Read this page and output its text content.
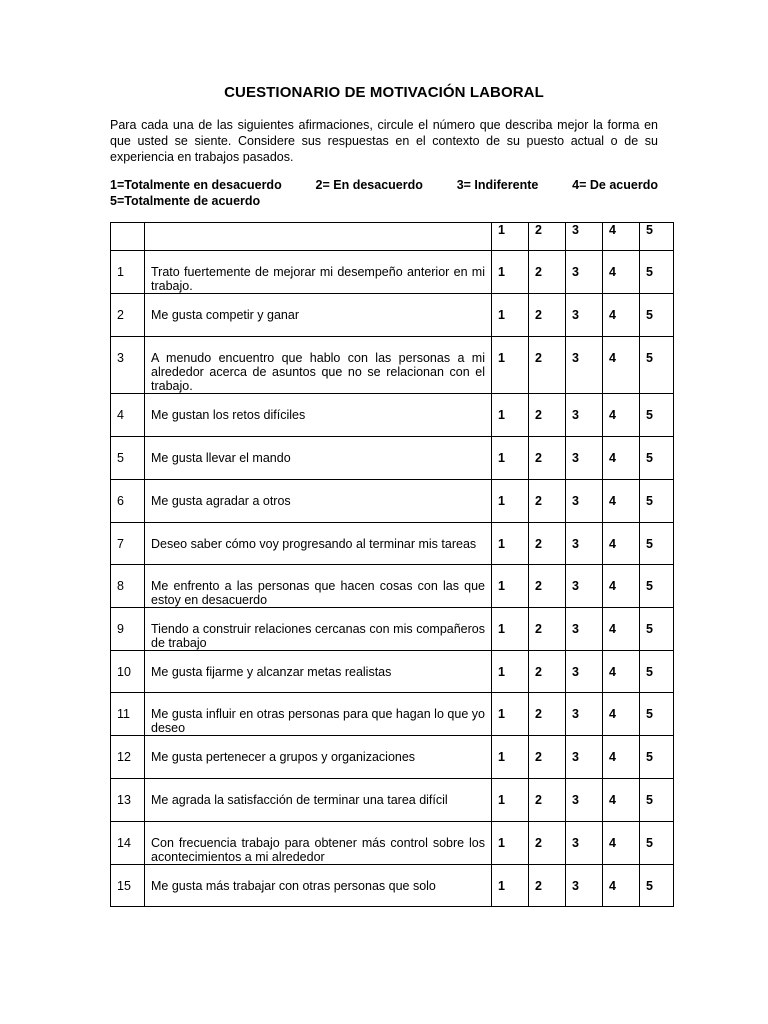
CUESTIONARIO DE MOTIVACIÓN LABORAL
Para cada una de las siguientes afirmaciones, circule el número que describa mejor la forma en que usted se siente. Considere sus respuestas en el contexto de su puesto actual o de su experiencia en trabajos pasados.
1=Totalmente en desacuerdo	2= En desacuerdo	3= Indiferente	4= De acuerdo
5=Totalmente de acuerdo

		1	2	3	4	5

1	Trato fuertemente de mejorar mi desempeño anterior en mi trabajo.	1	2	3	4	5

2	Me gusta competir y ganar	1	2	3	4	5

3	A menudo encuentro que hablo con las personas a mi alrededor acerca de asuntos que no se relacionan con el trabajo.	1	2	3	4	5

4	Me gustan los retos difíciles	1	2	3	4	5

5	Me gusta llevar el mando	1	2	3	4	5

6	Me gusta agradar a otros	1	2	3	4	5

7	Deseo saber cómo voy progresando al terminar mis tareas	1	2	3	4	5

8	Me enfrento a las personas que hacen cosas con las que estoy en desacuerdo	1	2	3	4	5

9	Tiendo a construir relaciones cercanas con mis compañeros de trabajo	1	2	3	4	5

10	Me gusta fijarme y alcanzar metas realistas	1	2	3	4	5

11	Me gusta influir en otras personas para que hagan lo que yo deseo	1	2	3	4	5

12	Me gusta pertenecer a grupos y organizaciones	1	2	3	4	5

13	Me agrada la satisfacción de terminar una tarea difícil	1	2	3	4	5

14	Con frecuencia trabajo para obtener más control sobre los acontecimientos a mi alrededor	1	2	3	4	5

15	Me gusta más trabajar con otras personas que solo	1	2	3	4	5
